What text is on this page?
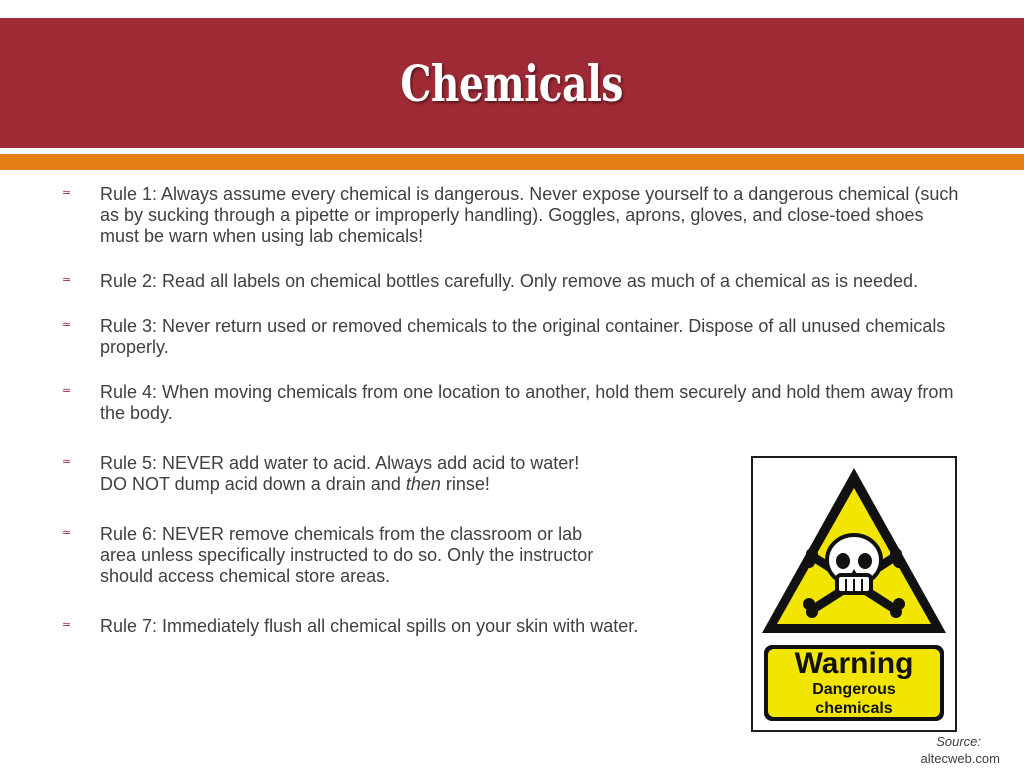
Chemicals
≃	Rule 1: Always assume every chemical is dangerous. Never expose yourself to a dangerous chemical (such as by sucking through a pipette or improperly handling). Goggles, aprons, gloves, and close-toed shoes must be warn when using lab chemicals!
≃	Rule 2: Read all labels on chemical bottles carefully. Only remove as much of a chemical as is needed.
≃	Rule 3: Never return used or removed chemicals to the original container. Dispose of all unused chemicals properly.
≃	Rule 4: When moving chemicals from one location to another, hold them securely and hold them away from the body.
≃	Rule 5: NEVER add water to acid. Always add acid to water! DO NOT dump acid down a drain and then rinse!
≃	Rule 6: NEVER remove chemicals from the classroom or lab area unless specifically instructed to do so. Only the instructor should access chemical store areas.
≃	Rule 7: Immediately flush all chemical spills on your skin with water.
Warning
Dangerous
chemicals
Source:
altecweb.com
